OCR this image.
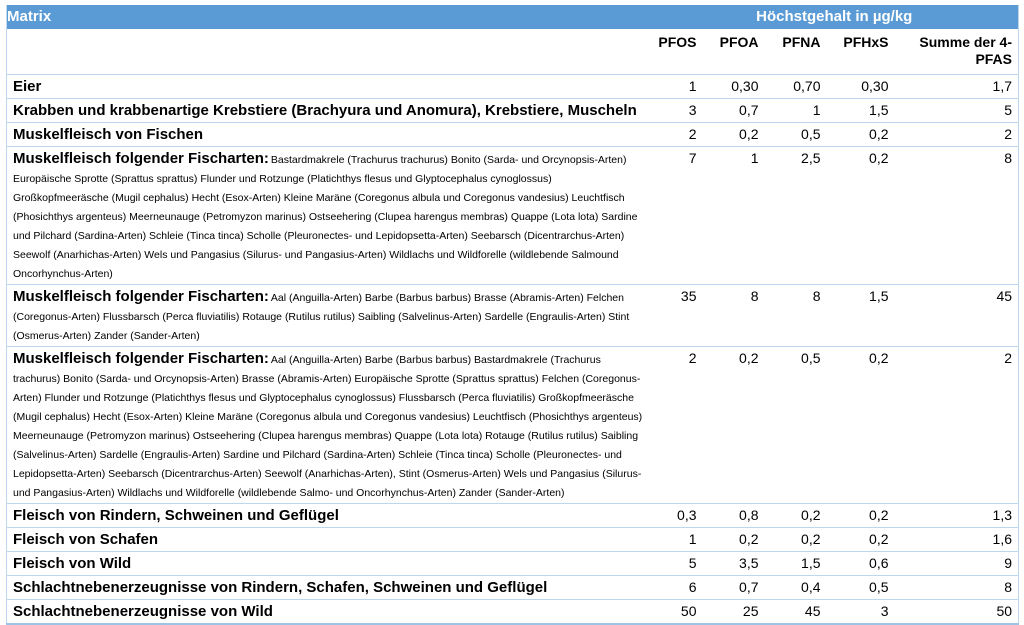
Matrix	Höchstgehalt in µg/kg				
	PFOS	PFOA	PFNA	PFHxS	Summe der 4-PFAS
Eier	1	0,30	0,70	0,30	1,7
Krabben und krabbenartige Krebstiere (Brachyura und Anomura), Krebstiere, Muscheln	3	0,7	1	1,5	5
Muskelfleisch von Fischen	2	0,2	0,5	0,2	2
Muskelfleisch folgender Fischarten: Bastardmakrele (Trachurus trachurus) Bonito (Sarda- und Orcynopsis-Arten) Europäische Sprotte (Sprattus sprattus) Flunder und Rotzunge (Platichthys flesus und Glyptocephalus cynoglossus) Großkopfmeeräsche (Mugil cephalus) Hecht (Esox-Arten) Kleine Maräne (Coregonus albula und Coregonus vandesius) Leuchtfisch (Phosichthys argenteus) Meerneunauge (Petromyzon marinus) Ostseehering (Clupea harengus membras) Quappe (Lota lota) Sardine und Pilchard (Sardina-Arten) Schleie (Tinca tinca) Scholle (Pleuronectes- und Lepidopsetta-Arten) Seebarsch (Dicentrarchus-Arten) Seewolf (Anarhichas-Arten) Wels und Pangasius (Silurus- und Pangasius-Arten) Wildlachs und Wildforelle (wildlebende Salmound Oncorhynchus-Arten)	7	1	2,5	0,2	8
Muskelfleisch folgender Fischarten: Aal (Anguilla-Arten) Barbe (Barbus barbus) Brasse (Abramis-Arten) Felchen (Coregonus-Arten) Flussbarsch (Perca fluviatilis) Rotauge (Rutilus rutilus) Saibling (Salvelinus-Arten) Sardelle (Engraulis-Arten) Stint (Osmerus-Arten) Zander (Sander-Arten)	35	8	8	1,5	45
Muskelfleisch folgender Fischarten: Aal (Anguilla-Arten) Barbe (Barbus barbus) Bastardmakrele (Trachurus trachurus) Bonito (Sarda- und Orcynopsis-Arten) Brasse (Abramis-Arten) Europäische Sprotte (Sprattus sprattus) Felchen (Coregonus-Arten) Flunder und Rotzunge (Platichthys flesus und Glyptocephalus cynoglossus) Flussbarsch (Perca fluviatilis) Großkopfmeeräsche (Mugil cephalus) Hecht (Esox-Arten) Kleine Maräne (Coregonus albula und Coregonus vandesius) Leuchtfisch (Phosichthys argenteus) Meerneunauge (Petromyzon marinus) Ostseehering (Clupea harengus membras) Quappe (Lota lota) Rotauge (Rutilus rutilus) Saibling (Salvelinus-Arten) Sardelle (Engraulis-Arten) Sardine und Pilchard (Sardina-Arten) Schleie (Tinca tinca) Scholle (Pleuronectes- und Lepidopsetta-Arten) Seebarsch (Dicentrarchus-Arten) Seewolf (Anarhichas-Arten), Stint (Osmerus-Arten) Wels und Pangasius (Silurus- und Pangasius-Arten) Wildlachs und Wildforelle (wildlebende Salmo- und Oncorhynchus-Arten) Zander (Sander-Arten)	2	0,2	0,5	0,2	2
Fleisch von Rindern, Schweinen und Geflügel	0,3	0,8	0,2	0,2	1,3
Fleisch von Schafen	1	0,2	0,2	0,2	1,6
Fleisch von Wild	5	3,5	1,5	0,6	9
Schlachtnebenerzeugnisse von Rindern, Schafen, Schweinen und Geflügel	6	0,7	0,4	0,5	8
Schlachtnebenerzeugnisse von Wild	50	25	45	3	50
